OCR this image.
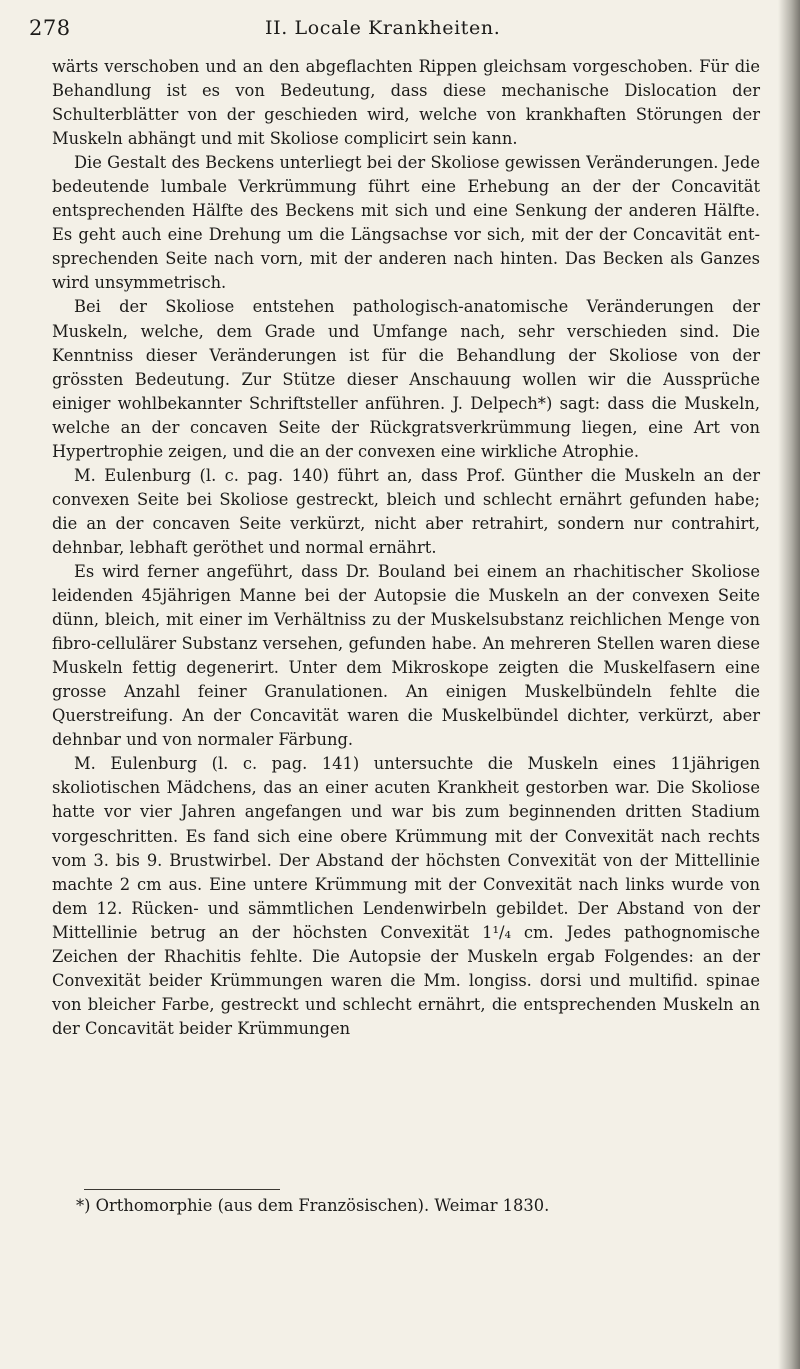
278	II. Locale Krankheiten.

wärts verschoben und an den abgeflachten Rippen gleichsam vorgeschoben. Für die Behandlung ist es von Bedeutung, dass diese mechanische Dislocation der Schulterblätter von der geschieden wird, welche von krankhaften Störungen der Muskeln abhängt und mit Skoliose complicirt sein kann.

Die Gestalt des Beckens unterliegt bei der Skoliose gewissen Veränderungen. Jede bedeutende lumbale Verkrümmung führt eine Erhebung an der der Concavität entsprechenden Hälfte des Beckens mit sich und eine Senkung der anderen Hälfte. Es geht auch eine Drehung um die Längsachse vor sich, mit der der Concavität entsprechenden Seite nach vorn, mit der anderen nach hinten. Das Becken als Ganzes wird unsymmetrisch.

Bei der Skoliose entstehen pathologisch-anatomische Veränderungen der Muskeln, welche, dem Grade und Umfange nach, sehr verschieden sind. Die Kenntniss dieser Veränderungen ist für die Behandlung der Skoliose von der grössten Bedeutung. Zur Stütze dieser Anschauung wollen wir die Aussprüche einiger wohlbekannter Schriftsteller anführen. J. Delpech*) sagt: dass die Muskeln, welche an der concaven Seite der Rückgratsverkrümmung liegen, eine Art von Hypertrophie zeigen, und die an der convexen eine wirkliche Atrophie.

M. Eulenburg (l. c. pag. 140) führt an, dass Prof. Günther die Muskeln an der convexen Seite bei Skoliose gestreckt, bleich und schlecht ernährt gefunden habe; die an der concaven Seite verkürzt, nicht aber retrahirt, sondern nur contrahirt, dehnbar, lebhaft geröthet und normal ernährt.

Es wird ferner angeführt, dass Dr. Bouland bei einem an rhachitischer Skoliose leidenden 45jährigen Manne bei der Autopsie die Muskeln an der convexen Seite dünn, bleich, mit einer im Verhältniss zu der Muskelsubstanz reichlichen Menge von fibro-cellulärer Substanz versehen, gefunden habe. An mehreren Stellen waren diese Muskeln fettig degenerirt. Unter dem Mikroskope zeigten die Muskelfasern eine grosse Anzahl feiner Granulationen. An einigen Muskelbündeln fehlte die Querstreifung. An der Concavität waren die Muskelbündel dichter, verkürzt, aber dehnbar und von normaler Färbung.

M. Eulenburg (l. c. pag. 141) untersuchte die Muskeln eines 11jährigen skoliotischen Mädchens, das an einer acuten Krankheit gestorben war. Die Skoliose hatte vor vier Jahren angefangen und war bis zum beginnenden dritten Stadium vorgeschritten. Es fand sich eine obere Krümmung mit der Convexität nach rechts vom 3. bis 9. Brustwirbel. Der Abstand der höchsten Convexität von der Mittellinie machte 2 cm aus. Eine untere Krümmung mit der Convexität nach links wurde von dem 12. Rücken- und sämmtlichen Lendenwirbeln gebildet. Der Abstand von der Mittellinie betrug an der höchsten Convexität 1¹/₄ cm. Jedes pathognomische Zeichen der Rhachitis fehlte. Die Autopsie der Muskeln ergab Folgendes: an der Convexität beider Krümmungen waren die Mm. longiss. dorsi und multifid. spinae von bleicher Farbe, gestreckt und schlecht ernährt, die entsprechenden Muskeln an der Concavität beider Krümmungen

*) Orthomorphie (aus dem Französischen). Weimar 1830.
